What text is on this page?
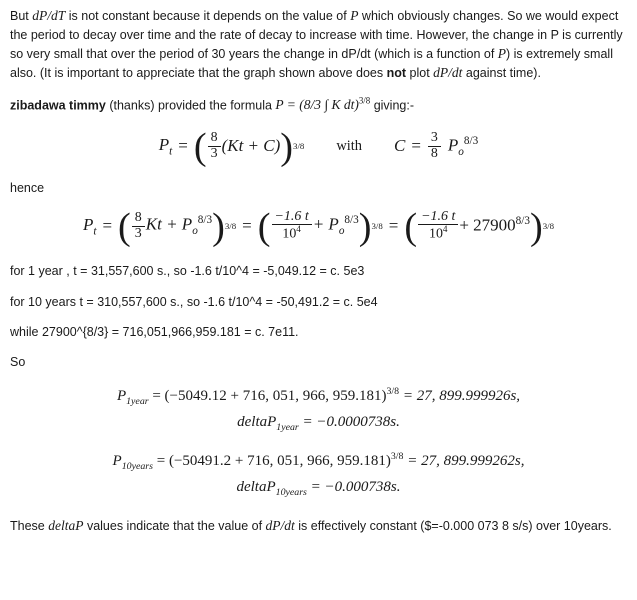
But dP/dT is not constant because it depends on the value of P which obviously changes. So we would expect the period to decay over time and the rate of decay to increase with time. However, the change in P is currently so very small that over the period of 30 years the change in dP/dt (which is a function of P) is extremely small also. (It is important to appreciate that the graph shown above does not plot dP/dt against time).

zibadawa timmy (thanks) provided the formula P = (8/3 ∫ K dt)$^{3/8}$ giving:-

$P_t$ = ( $\frac{8}{3} (Kt + C)$ ) 3/8 with $C = \frac{3}{8} P_o^{8/3}$

hence

$P_t$ = ( $\frac{8}{3}$ $Kt + P_o^{8/3}$ ) 3/8 = ( $\frac{-1.6 t}{10^4} + P_o^{8/3}$ ) 3/8 = ( $\frac{-1.6 t}{10^4} + 27900^{8/3}$ ) 3/8

for 1 year , t = 31,557,600 s., so -1.6 t/10^4 = -5,049.12 = c. 5e3

for 10 years t = 310,557,600 s., so -1.6 t/10^4 = -50,491.2 = c. 5e4

while 27900^{8/3} = 716,051,966,959.181 = c. 7e11.

So

$P_{1year} = (-5049.12 + 716$, 051, 966, 959.181)$^{3/8}$ = 27, 899.999926s,
deltaP$_{1year}$ = −0.0000738s.
$P_{10years} = (-50491.2 + 716$, 051, 966, 959.181)$^{3/8}$ = 27, 899.999262s,
deltaP$_{10years}$ = −0.000738s.

These deltaP values indicate that the value of dP/dt is effectively constant ($=-0.000 073 8 s/s) over 10years.
